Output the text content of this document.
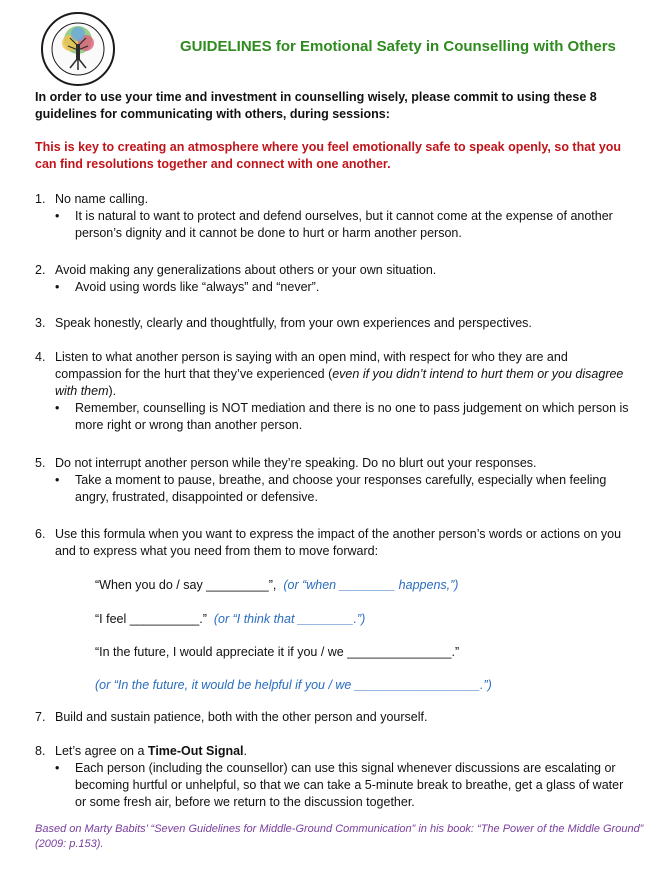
GUIDELINES for Emotional Safety in Counselling with Others
In order to use your time and investment in counselling wisely, please commit to using these 8 guidelines for communicating with others, during sessions:
This is key to creating an atmosphere where you feel emotionally safe to speak openly, so that you can find resolutions together and connect with one another.
1. No name calling.
•	It is natural to want to protect and defend ourselves, but it cannot come at the expense of another person’s dignity and it cannot be done to hurt or harm another person.
2. Avoid making any generalizations about others or your own situation.
•	Avoid using words like “always” and “never”.
3. Speak honestly, clearly and thoughtfully, from your own experiences and perspectives.
4. Listen to what another person is saying with an open mind, with respect for who they are and compassion for the hurt that they’ve experienced (even if you didn’t intend to hurt them or you disagree with them).
•	Remember, counselling is NOT mediation and there is no one to pass judgement on which person is more right or wrong than another person.
5. Do not interrupt another person while they’re speaking. Do no blurt out your responses.
•	Take a moment to pause, breathe, and choose your responses carefully, especially when feeling angry, frustrated, disappointed or defensive.
6. Use this formula when you want to express the impact of the another person’s words or actions on you and to express what you need from them to move forward:
“When you do / say _________”, (or “when ________ happens,”)
“I feel __________.” (or “I think that ________.”)
“In the future, I would appreciate it if you / we _______________.”
(or “In the future, it would be helpful if you / we __________________.”)
7. Build and sustain patience, both with the other person and yourself.
8. Let’s agree on a Time-Out Signal.
•	Each person (including the counsellor) can use this signal whenever discussions are escalating or becoming hurtful or unhelpful, so that we can take a 5-minute break to breathe, get a glass of water or some fresh air, before we return to the discussion together.
Based on Marty Babits’ “Seven Guidelines for Middle-Ground Communication” in his book: “The Power of the Middle Ground” (2009: p.153).
